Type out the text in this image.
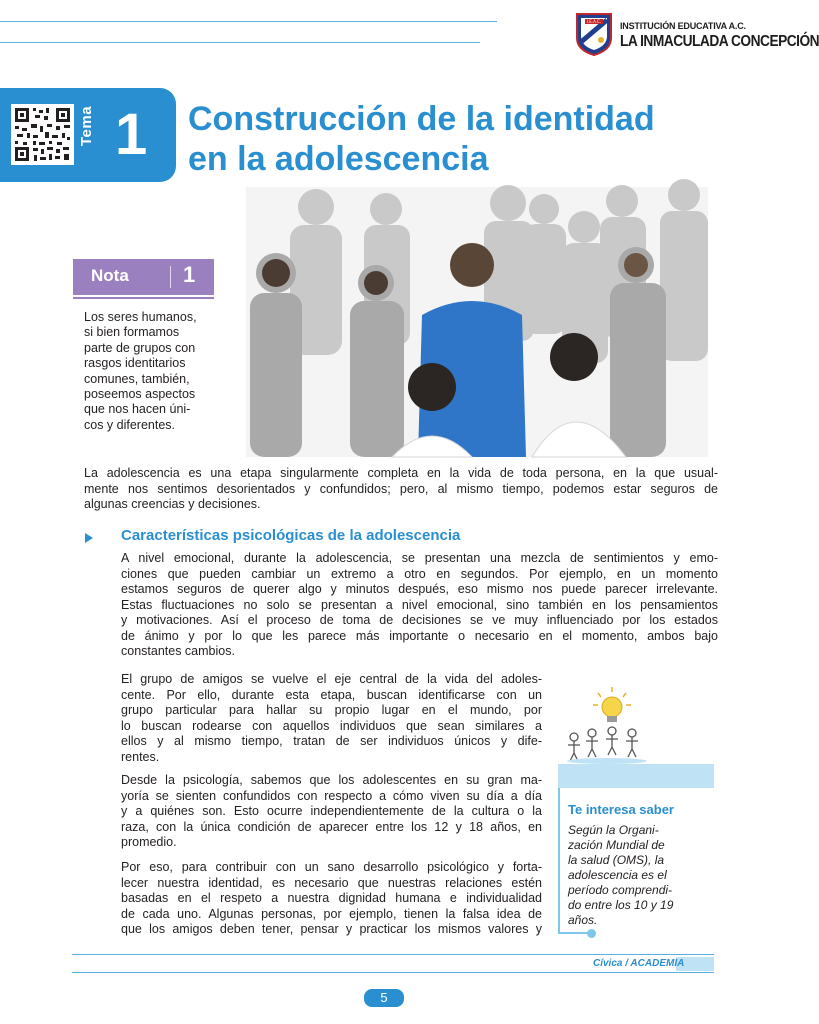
I.E.A.C. INSTITUCIÓN EDUCATIVA A.C.
LA INMACULADA CONCEPCIÓN
Tema 1 Construcción de la identidad
en la adolescencia
Nota 1
Los seres humanos,
si bien formamos
parte de grupos con
rasgos identitarios
comunes, también,
poseemos aspectos
que nos hacen úni-
cos y diferentes.
La adolescencia es una etapa singularmente completa en la vida de toda persona, en la que usual-
mente nos sentimos desorientados y confundidos; pero, al mismo tiempo, podemos estar seguros de
algunas creencias y decisiones.
Características psicológicas de la adolescencia
A nivel emocional, durante la adolescencia, se presentan una mezcla de sentimientos y emo-
ciones que pueden cambiar un extremo a otro en segundos. Por ejemplo, en un momento
estamos seguros de querer algo y minutos después, eso mismo nos puede parecer irrelevante.
Estas fluctuaciones no solo se presentan a nivel emocional, sino también en los pensamientos
y motivaciones. Así el proceso de toma de decisiones se ve muy influenciado por los estados
de ánimo y por lo que les parece más importante o necesario en el momento, ambos bajo
constantes cambios.
El grupo de amigos se vuelve el eje central de la vida del adoles-
cente. Por ello, durante esta etapa, buscan identificarse con un
grupo particular para hallar su propio lugar en el mundo, por
lo buscan rodearse con aquellos individuos que sean similares a
ellos y al mismo tiempo, tratan de ser individuos únicos y dife-
rentes.
Desde la psicología, sabemos que los adolescentes en su gran ma-
yoría se sienten confundidos con respecto a cómo viven su día a día
y a quiénes son. Esto ocurre independientemente de la cultura o la
raza, con la única condición de aparecer entre los 12 y 18 años, en
promedio.
Por eso, para contribuir con un sano desarrollo psicológico y forta-
lecer nuestra identidad, es necesario que nuestras relaciones estén
basadas en el respeto a nuestra dignidad humana e individualidad
de cada uno. Algunas personas, por ejemplo, tienen la falsa idea de
que los amigos deben tener, pensar y practicar los mismos valores y
Te interesa saber
Según la Organi-
zación Mundial de
la salud (OMS), la
adolescencia es el
período comprendi-
do entre los 10 y 19
años.
Cívica / ACADEMIA
5
